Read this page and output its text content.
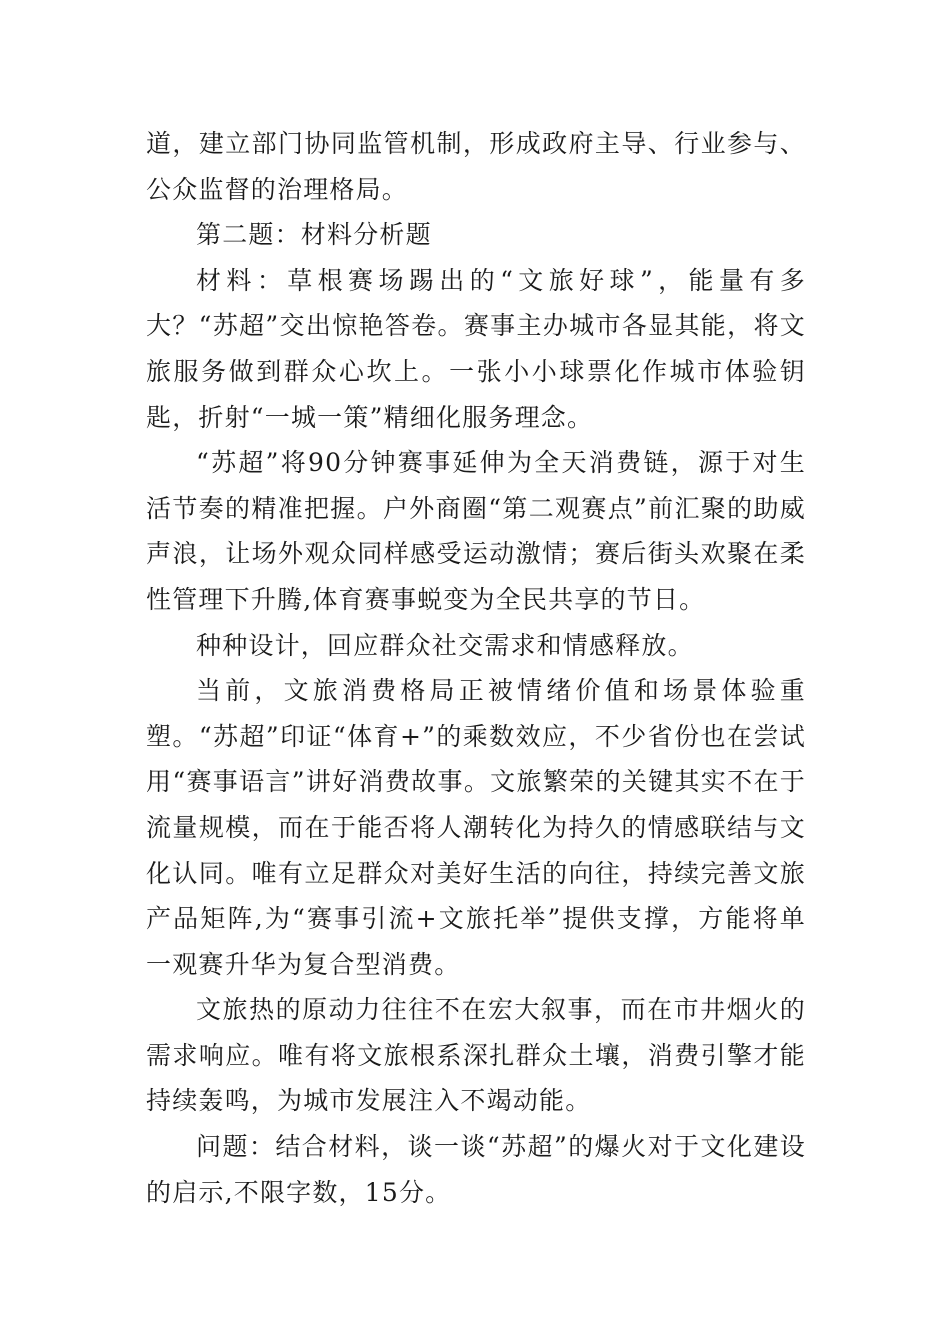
道，建立部门协同监管机制，形成政府主导、行业参与、公众监督的治理格局。

第二题：材料分析题

材料：草根赛场踢出的“文旅好球”，能量有多大？“苏超”交出惊艳答卷。赛事主办城市各显其能，将文旅服务做到群众心坎上。一张小小球票化作城市体验钥匙，折射“一城一策”精细化服务理念。

“苏超”将90分钟赛事延伸为全天消费链，源于对生活节奏的精准把握。户外商圈“第二观赛点”前汇聚的助威声浪，让场外观众同样感受运动激情；赛后街头欢聚在柔性管理下升腾,体育赛事蜕变为全民共享的节日。

种种设计，回应群众社交需求和情感释放。

当前，文旅消费格局正被情绪价值和场景体验重塑。“苏超”印证“体育+”的乘数效应，不少省份也在尝试用“赛事语言”讲好消费故事。文旅繁荣的关键其实不在于流量规模，而在于能否将人潮转化为持久的情感联结与文化认同。唯有立足群众对美好生活的向往，持续完善文旅产品矩阵,为“赛事引流+文旅托举”提供支撑，方能将单一观赛升华为复合型消费。

文旅热的原动力往往不在宏大叙事，而在市井烟火的需求响应。唯有将文旅根系深扎群众土壤，消费引擎才能持续轰鸣，为城市发展注入不竭动能。

问题：结合材料，谈一谈“苏超”的爆火对于文化建设的启示,不限字数，15分。
